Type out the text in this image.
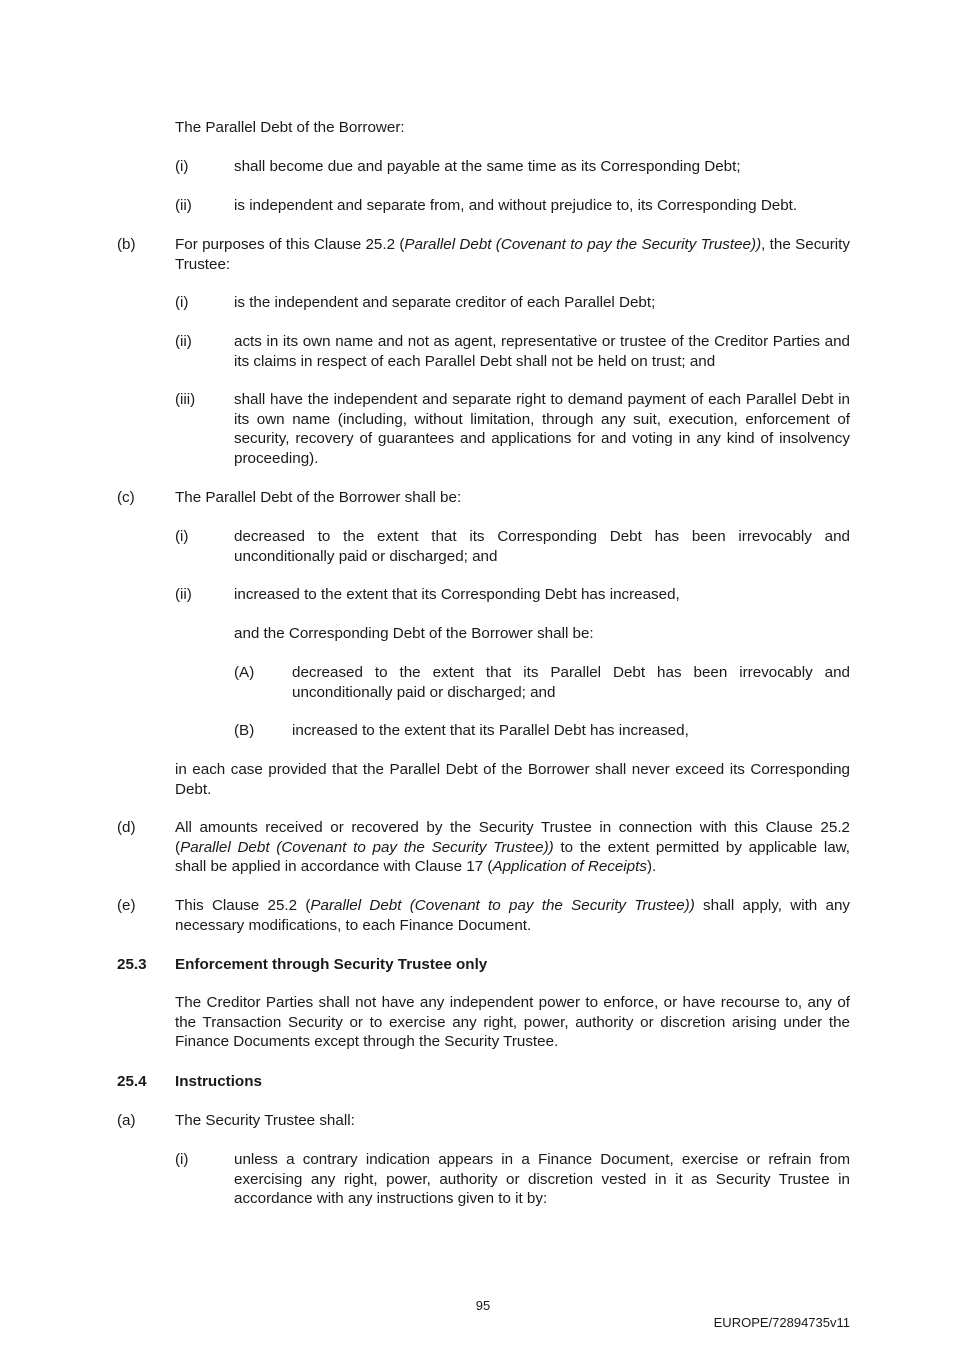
The Parallel Debt of the Borrower:
(i)	shall become due and payable at the same time as its Corresponding Debt;
(ii)	is independent and separate from, and without prejudice to, its Corresponding Debt.
(b)	For purposes of this Clause 25.2 (Parallel Debt (Covenant to pay the Security Trustee)), the Security Trustee:
(i)	is the independent and separate creditor of each Parallel Debt;
(ii)	acts in its own name and not as agent, representative or trustee of the Creditor Parties and its claims in respect of each Parallel Debt shall not be held on trust; and
(iii)	shall have the independent and separate right to demand payment of each Parallel Debt in its own name (including, without limitation, through any suit, execution, enforcement of security, recovery of guarantees and applications for and voting in any kind of insolvency proceeding).
(c)	The Parallel Debt of the Borrower shall be:
(i)	decreased to the extent that its Corresponding Debt has been irrevocably and unconditionally paid or discharged; and
(ii)	increased to the extent that its Corresponding Debt has increased,
and the Corresponding Debt of the Borrower shall be:
(A) decreased to the extent that its Parallel Debt has been irrevocably and unconditionally paid or discharged; and
(B) increased to the extent that its Parallel Debt has increased,
in each case provided that the Parallel Debt of the Borrower shall never exceed its Corresponding Debt.
(d)	All amounts received or recovered by the Security Trustee in connection with this Clause 25.2 (Parallel Debt (Covenant to pay the Security Trustee)) to the extent permitted by applicable law, shall be applied in accordance with Clause 17 (Application of Receipts).
(e)	This Clause 25.2 (Parallel Debt (Covenant to pay the Security Trustee)) shall apply, with any necessary modifications, to each Finance Document.
25.3 Enforcement through Security Trustee only
The Creditor Parties shall not have any independent power to enforce, or have recourse to, any of the Transaction Security or to exercise any right, power, authority or discretion arising under the Finance Documents except through the Security Trustee.
25.4 Instructions
(a)	The Security Trustee shall:
(i)	unless a contrary indication appears in a Finance Document, exercise or refrain from exercising any right, power, authority or discretion vested in it as Security Trustee in accordance with any instructions given to it by:
95
EUROPE/72894735v11
